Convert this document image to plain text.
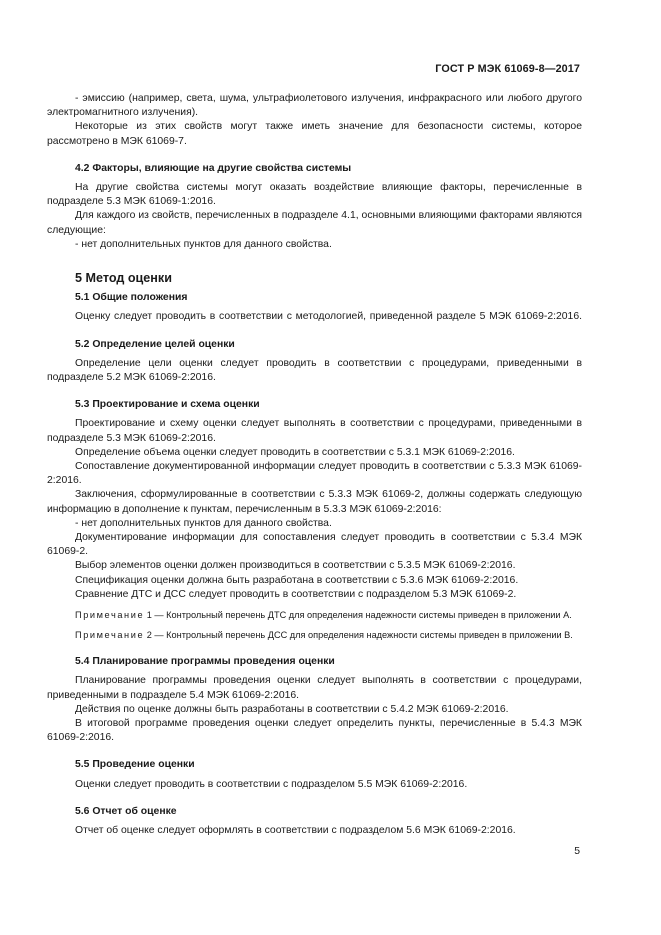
ГОСТ Р МЭК 61069-8—2017

- эмиссию (например, света, шума, ультрафиолетового излучения, инфракрасного или любого другого электромагнитного излучения).

Некоторые из этих свойств могут также иметь значение для безопасности системы, которое рассмотрено в МЭК 61069-7.

4.2 Факторы, влияющие на другие свойства системы

На другие свойства системы могут оказать воздействие влияющие факторы, перечисленные в подразделе 5.3 МЭК 61069-1:2016.

Для каждого из свойств, перечисленных в подразделе 4.1, основными влияющими факторами являются следующие:

- нет дополнительных пунктов для данного свойства.

5 Метод оценки

5.1 Общие положения

Оценку следует проводить в соответствии с методологией, приведенной разделе 5 МЭК 61069-2:2016.

5.2 Определение целей оценки

Определение цели оценки следует проводить в соответствии с процедурами, приведенными в подразделе 5.2 МЭК 61069-2:2016.

5.3 Проектирование и схема оценки

Проектирование и схему оценки следует выполнять в соответствии с процедурами, приведенными в подразделе 5.3 МЭК 61069-2:2016.

Определение объема оценки следует проводить в соответствии с 5.3.1 МЭК 61069-2:2016.

Сопоставление документированной информации следует проводить в соответствии с 5.3.3 МЭК 61069-2:2016.

Заключения, сформулированные в соответствии с 5.3.3 МЭК 61069-2, должны содержать следующую информацию в дополнение к пунктам, перечисленным в 5.3.3 МЭК 61069-2:2016:

- нет дополнительных пунктов для данного свойства.

Документирование информации для сопоставления следует проводить в соответствии с 5.3.4 МЭК 61069-2.

Выбор элементов оценки должен производиться в соответствии с 5.3.5 МЭК 61069-2:2016.

Спецификация оценки должна быть разработана в соответствии с 5.3.6 МЭК 61069-2:2016.

Сравнение ДТС и ДСС следует проводить в соответствии с подразделом 5.3 МЭК 61069-2.

Примечание 1 — Контрольный перечень ДТС для определения надежности системы приведен в приложении А.

Примечание 2 — Контрольный перечень ДСС для определения надежности системы приведен в приложении В.

5.4 Планирование программы проведения оценки

Планирование программы проведения оценки следует выполнять в соответствии с процедурами, приведенными в подразделе 5.4 МЭК 61069-2:2016.

Действия по оценке должны быть разработаны в соответствии с 5.4.2 МЭК 61069-2:2016.

В итоговой программе проведения оценки следует определить пункты, перечисленные в 5.4.3 МЭК 61069-2:2016.

5.5 Проведение оценки

Оценки следует проводить в соответствии с подразделом 5.5 МЭК 61069-2:2016.

5.6 Отчет об оценке

Отчет об оценке следует оформлять в соответствии с подразделом 5.6 МЭК 61069-2:2016.

5
